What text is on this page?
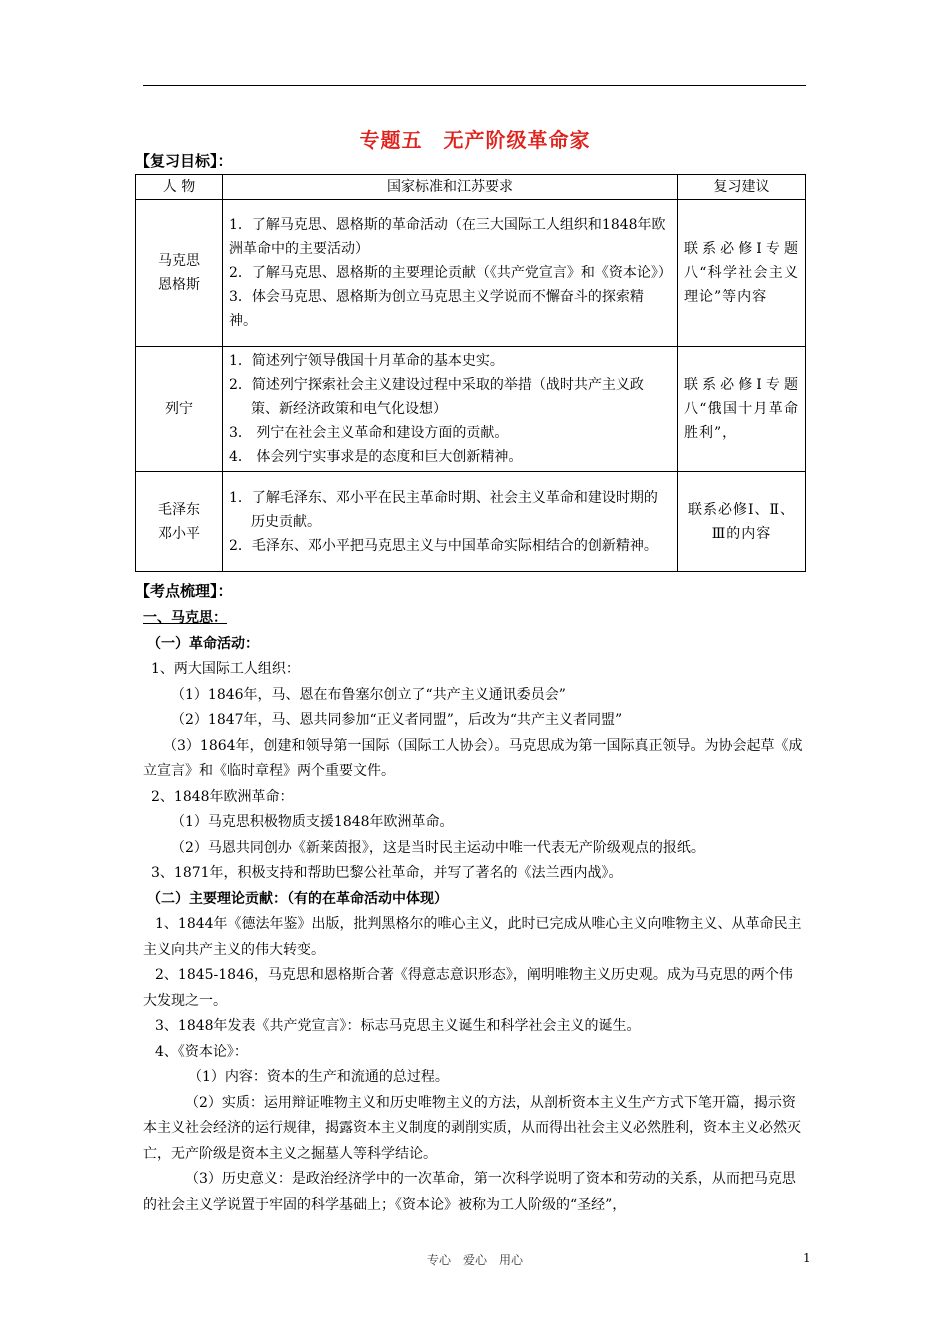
专题五　无产阶级革命家
【复习目标】：
人 物	国家标准和江苏要求	复习建议

马克思
恩格斯	1．了解马克思、恩格斯的革命活动（在三大国际工人组织和1848年欧洲革命中的主要活动）
2．了解马克思、恩格斯的主要理论贡献（《共产党宣言》和《资本论》）
3．体会马克思、恩格斯为创立马克思主义学说而不懈奋斗的探索精神。	联系必修Ⅰ专题八“科学社会主义理论”等内容

列宁	1．简述列宁领导俄国十月革命的基本史实。
2．简述列宁探索社会主义建设过程中采取的举措（战时共产主义政策、新经济政策和电气化设想）
3． 列宁在社会主义革命和建设方面的贡献。
4． 体会列宁实事求是的态度和巨大创新精神。	联系必修Ⅰ专题八“俄国十月革命胜利”，

毛泽东
邓小平	1．了解毛泽东、邓小平在民主革命时期、社会主义革命和建设时期的历史贡献。
2．毛泽东、邓小平把马克思主义与中国革命实际相结合的创新精神。	联系必修Ⅰ、Ⅱ、Ⅲ的内容
【考点梳理】：

一、马克思：

（一）革命活动：

1、两大国际工人组织：

（1）1846年，马、恩在布鲁塞尔创立了“共产主义通讯委员会”

（2）1847年，马、恩共同参加“正义者同盟”，后改为“共产主义者同盟”

（3）1864年，创建和领导第一国际（国际工人协会）。马克思成为第一国际真正领导。为协会起草《成立宣言》和《临时章程》两个重要文件。

2、1848年欧洲革命：

（1）马克思积极物质支援1848年欧洲革命。

（2）马恩共同创办《新莱茵报》，这是当时民主运动中唯一代表无产阶级观点的报纸。

3、1871年，积极支持和帮助巴黎公社革命，并写了著名的《法兰西内战》。

（二）主要理论贡献：（有的在革命活动中体现）

1、1844年《德法年鉴》出版，批判黑格尔的唯心主义，此时已完成从唯心主义向唯物主义、从革命民主主义向共产主义的伟大转变。

2、1845-1846，马克思和恩格斯合著《得意志意识形态》，阐明唯物主义历史观。成为马克思的两个伟大发现之一。

3、1848年发表《共产党宣言》：标志马克思主义诞生和科学社会主义的诞生。

4、《资本论》：

（1）内容：资本的生产和流通的总过程。

（2）实质：运用辩证唯物主义和历史唯物主义的方法，从剖析资本主义生产方式下笔开篇，揭示资本主义社会经济的运行规律，揭露资本主义制度的剥削实质，从而得出社会主义必然胜利，资本主义必然灭亡，无产阶级是资本主义之掘墓人等科学结论。

（3）历史意义：是政治经济学中的一次革命，第一次科学说明了资本和劳动的关系，从而把马克思的社会主义学说置于牢固的科学基础上；《资本论》被称为工人阶级的“圣经”，

专心　爱心　用心	1
